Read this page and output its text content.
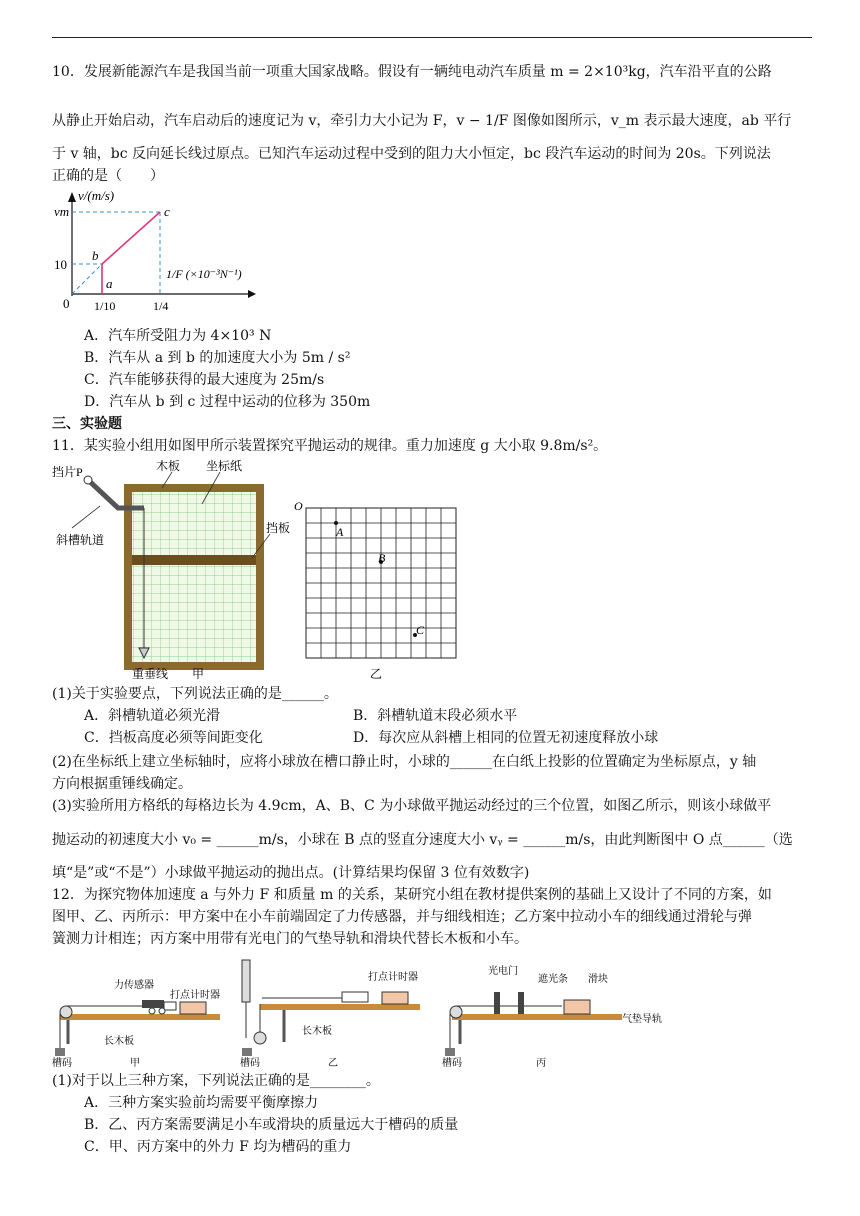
10．发展新能源汽车是我国当前一项重大国家战略。假设有一辆纯电动汽车质量 m = 2×10³kg，汽车沿平直的公路
从静止开始启动，汽车启动后的速度记为 v，牵引力大小记为 F，v − 1/F 图像如图所示，v_m 表示最大速度，ab 平行
于 v 轴，bc 反向延长线过原点。已知汽车运动过程中受到的阻力大小恒定，bc 段汽车运动的时间为 20s。下列说法
正确的是（　　）
v/(m/s)
vm
10
0 1/10	1/4
1/F (×10⁻³N⁻¹)
a
b
c
A．汽车所受阻力为 4×10³ N
B．汽车从 a 到 b 的加速度大小为 5m / s²
C．汽车能够获得的最大速度为 25m/s
D．汽车从 b 到 c 过程中运动的位移为 350m
三、实验题
11．某实验小组用如图甲所示装置探究平抛运动的规律。重力加速度 g 大小取 9.8m/s²。
挡片P	木板 坐标纸
斜槽轨道
挡板
重垂线 甲
O
A
B
C
乙
(1)关于实验要点，下列说法正确的是______。
A．斜槽轨道必须光滑	B．斜槽轨道末段必须水平
C．挡板高度必须等间距变化	D．每次应从斜槽上相同的位置无初速度释放小球
(2)在坐标纸上建立坐标轴时，应将小球放在槽口静止时，小球的______在白纸上投影的位置确定为坐标原点，y 轴
方向根据重锤线确定。
(3)实验所用方格纸的每格边长为 4.9cm，A、B、C 为小球做平抛运动经过的三个位置，如图乙所示，则该小球做平
抛运动的初速度大小 v₀ = ______m/s，小球在 B 点的竖直分速度大小 vᵧ = ______m/s，由此判断图中 O 点______（选
填“是”或“不是”）小球做平抛运动的抛出点。(计算结果均保留 3 位有效数字)
12．为探究物体加速度 a 与外力 F 和质量 m 的关系，某研究小组在教材提供案例的基础上又设计了不同的方案，如
图甲、乙、丙所示：甲方案中在小车前端固定了力传感器，并与细线相连；乙方案中拉动小车的细线通过滑轮与弹
簧测力计相连；丙方案中用带有光电门的气垫导轨和滑块代替长木板和小车。
力传感器
打点计时器
长木板
槽码	甲
打点计时器
长木板
槽码	乙
光电门
遮光条 滑块
气垫导轨
槽码	丙
(1)对于以上三种方案，下列说法正确的是________。
A．三种方案实验前均需要平衡摩擦力
B．乙、丙方案需要满足小车或滑块的质量远大于槽码的质量
C．甲、丙方案中的外力 F 均为槽码的重力
